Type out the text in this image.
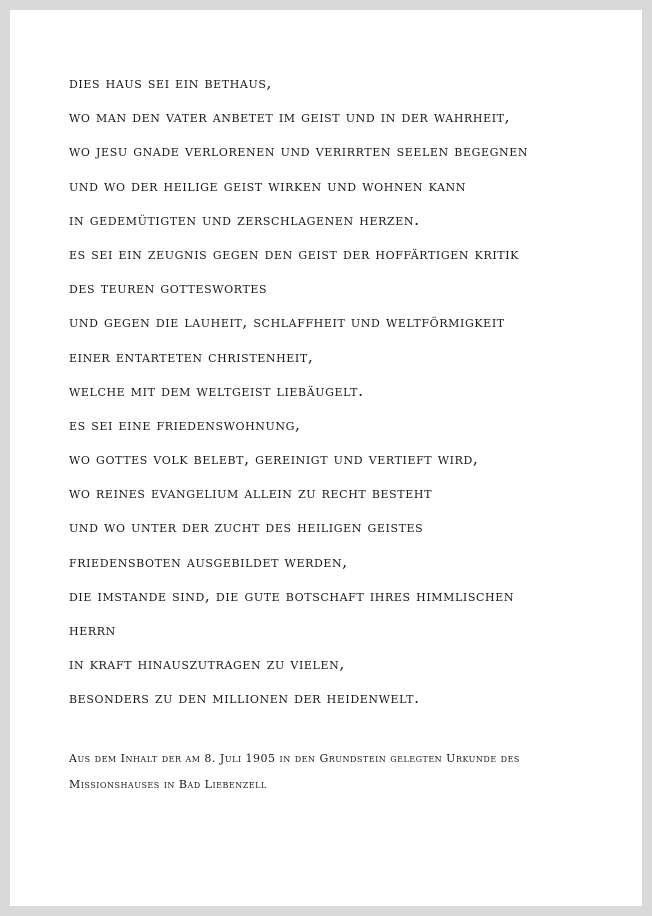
dies haus sei ein bethaus,
wo man den vater anbetet im geist und in der wahrheit,
wo jesu gnade verlorenen und verirrten seelen begegnen
und wo der heilige geist wirken und wohnen kann
in gedemütigten und zerschlagenen herzen.
es sei ein zeugnis gegen den geist der hoffärtigen kritik
des teuren gotteswortes
und gegen die lauheit, schlaffheit und weltförmigkeit
einer entarteten christenheit,
welche mit dem weltgeist liebäugelt.
es sei eine friedenswohnung,
wo gottes volk belebt, gereinigt und vertieft wird,
wo reines evangelium allein zu recht besteht
und wo unter der zucht des heiligen geistes
friedensboten ausgebildet werden,
die imstande sind, die gute botschaft ihres himmlischen
herrn
in kraft hinauszutragen zu vielen,
besonders zu den millionen der heidenwelt.

Aus dem Inhalt der am 8. Juli 1905 in den Grundstein gelegten Urkunde des

Missionshauses in Bad Liebenzell
